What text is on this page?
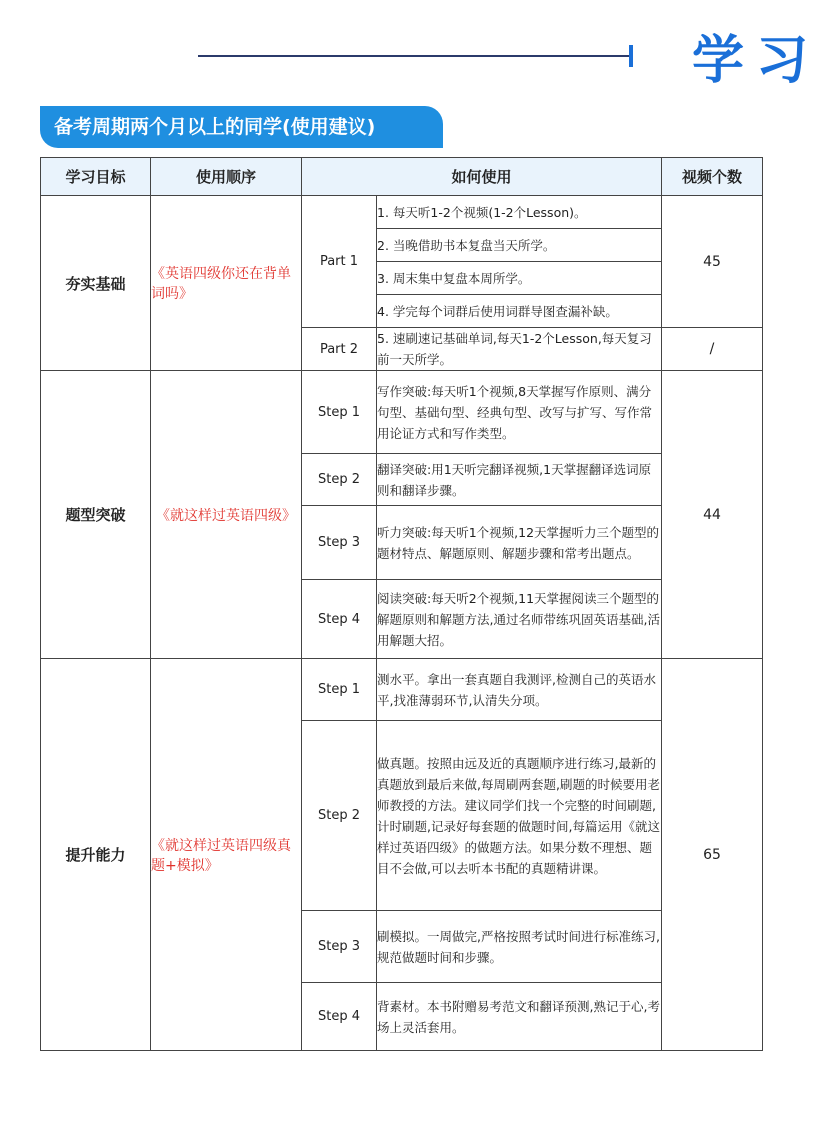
学习
备考周期两个月以上的同学(使用建议)
学习目标	使用顺序	如何使用		视频个数
夯实基础	《英语四级你还在背单词吗》	Part 1	1. 每天听1-2个视频(1-2个Lesson)。	45
			2. 当晚借助书本复盘当天所学。	
			3. 周末集中复盘本周所学。	
			4. 学完每个词群后使用词群导图查漏补缺。	
		Part 2	5. 速刷速记基础单词,每天1-2个Lesson,每天复习前一天所学。	/
题型突破	《就这样过英语四级》	Step 1	写作突破:每天听1个视频,8天掌握写作原则、满分句型、基础句型、经典句型、改写与扩写、写作常用论证方式和写作类型。	44
		Step 2	翻译突破:用1天听完翻译视频,1天掌握翻译选词原则和翻译步骤。	
		Step 3	听力突破:每天听1个视频,12天掌握听力三个题型的题材特点、解题原则、解题步骤和常考出题点。	
		Step 4	阅读突破:每天听2个视频,11天掌握阅读三个题型的解题原则和解题方法,通过名师带练巩固英语基础,活用解题大招。	
提升能力	《就这样过英语四级真题+模拟》	Step 1	测水平。拿出一套真题自我测评,检测自己的英语水平,找准薄弱环节,认清失分项。	65
		Step 2	做真题。按照由远及近的真题顺序进行练习,最新的真题放到最后来做,每周刷两套题,刷题的时候要用老师教授的方法。建议同学们找一个完整的时间刷题,计时刷题,记录好每套题的做题时间,每篇运用《就这样过英语四级》的做题方法。如果分数不理想、题目不会做,可以去听本书配的真题精讲课。	
		Step 3	刷模拟。一周做完,严格按照考试时间进行标准练习,规范做题时间和步骤。	
		Step 4	背素材。本书附赠易考范文和翻译预测,熟记于心,考场上灵活套用。	
